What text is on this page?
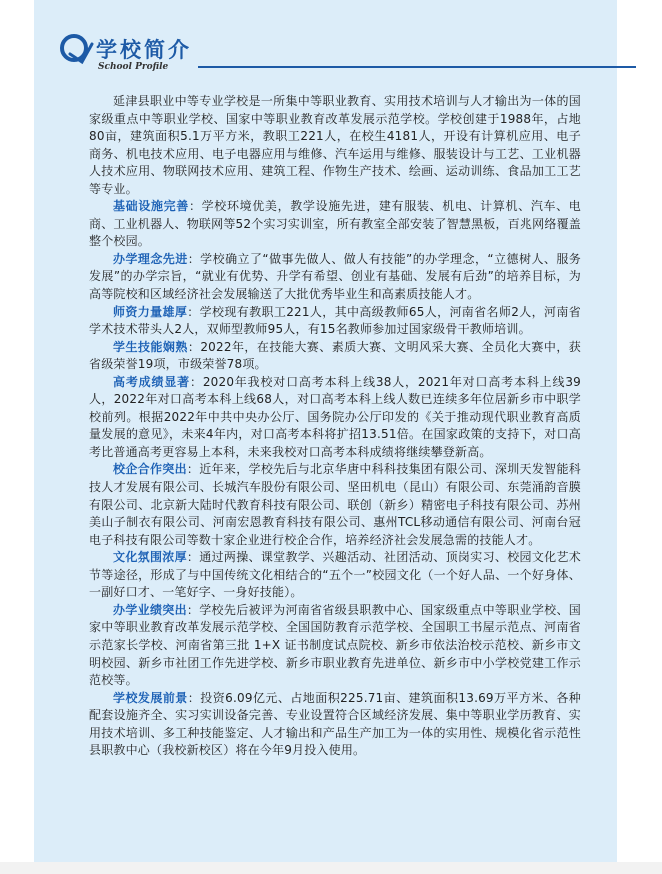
学校简介
School Profile

延津县职业中等专业学校是一所集中等职业教育、实用技术培训与人才输出为一体的国家级重点中等职业学校、国家中等职业教育改革发展示范学校。学校创建于1988年，占地80亩，建筑面积5.1万平方米，教职工221人，在校生4181人，开设有计算机应用、电子商务、机电技术应用、电子电器应用与维修、汽车运用与维修、服装设计与工艺、工业机器人技术应用、物联网技术应用、建筑工程、作物生产技术、绘画、运动训练、食品加工工艺等专业。

基础设施完善：学校环境优美，教学设施先进，建有服装、机电、计算机、汽车、电商、工业机器人、物联网等52个实习实训室，所有教室全部安装了智慧黑板，百兆网络覆盖整个校园。

办学理念先进：学校确立了“做事先做人、做人有技能”的办学理念，“立德树人、服务发展”的办学宗旨，“就业有优势、升学有希望、创业有基础、发展有后劲”的培养目标，为高等院校和区域经济社会发展输送了大批优秀毕业生和高素质技能人才。

师资力量雄厚：学校现有教职工221人，其中高级教师65人，河南省名师2人，河南省学术技术带头人2人，双师型教师95人，有15名教师参加过国家级骨干教师培训。

学生技能娴熟：2022年，在技能大赛、素质大赛、文明风采大赛、全员化大赛中，获省级荣誉19项，市级荣誉78项。

高考成绩显著：2020年我校对口高考本科上线38人，2021年对口高考本科上线39人，2022年对口高考本科上线68人，对口高考本科上线人数已连续多年位居新乡市中职学校前列。根据2022年中共中央办公厅、国务院办公厅印发的《关于推动现代职业教育高质量发展的意见》，未来4年内，对口高考本科将扩招13.51倍。在国家政策的支持下，对口高考比普通高考更容易上本科，未来我校对口高考本科成绩将继续攀登新高。

校企合作突出：近年来，学校先后与北京华唐中科科技集团有限公司、深圳天发智能科技人才发展有限公司、长城汽车股份有限公司、坚田机电（昆山）有限公司、东莞涌韵音膜有限公司、北京新大陆时代教育科技有限公司、联创（新乡）精密电子科技有限公司、苏州美山子制衣有限公司、河南宏恩教育科技有限公司、惠州TCL移动通信有限公司、河南台冠电子科技有限公司等数十家企业进行校企合作，培养经济社会发展急需的技能人才。

文化氛围浓厚：通过两操、课堂教学、兴趣活动、社团活动、顶岗实习、校园文化艺术节等途径，形成了与中国传统文化相结合的“五个一”校园文化（一个好人品、一个好身体、一副好口才、一笔好字、一身好技能）。

办学业绩突出：学校先后被评为河南省省级县职教中心、国家级重点中等职业学校、国家中等职业教育改革发展示范学校、全国国防教育示范学校、全国职工书屋示范点、河南省示范家长学校、河南省第三批 1+X 证书制度试点院校、新乡市依法治校示范校、新乡市文明校园、新乡市社团工作先进学校、新乡市职业教育先进单位、新乡市中小学校党建工作示范校等。

学校发展前景：投资6.09亿元、占地面积225.71亩、建筑面积13.69万平方米、各种配套设施齐全、实习实训设备完善、专业设置符合区域经济发展、集中等职业学历教育、实用技术培训、多工种技能鉴定、人才输出和产品生产加工为一体的实用性、规模化省示范性县职教中心（我校新校区）将在今年9月投入使用。
